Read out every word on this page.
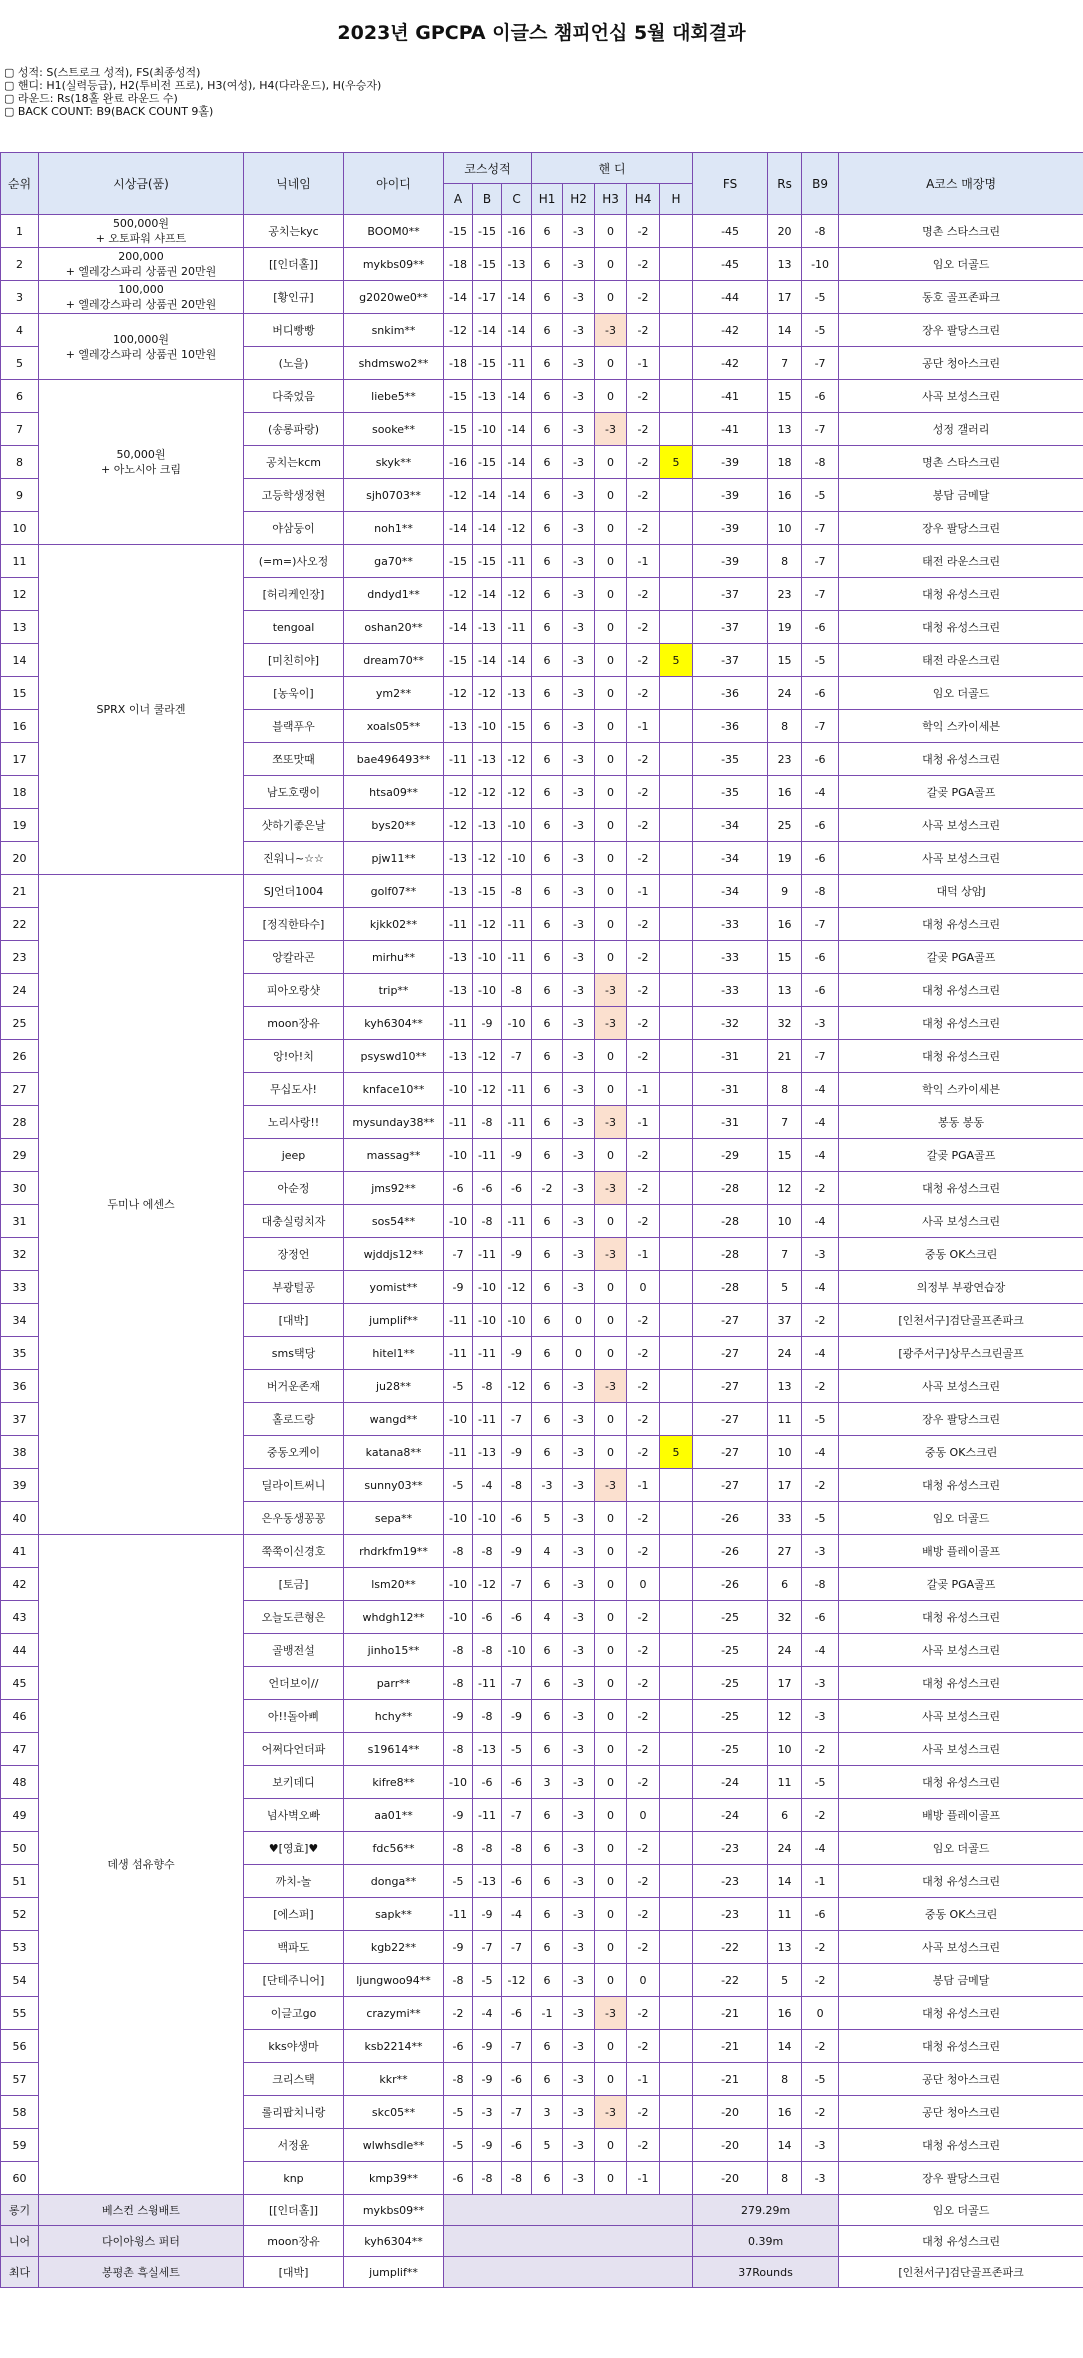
2023년 GPCPA 이글스 챔피언십 5월 대회결과
▢ 성적: S(스트로크 성적), FS(최종성적)
▢ 핸디: H1(실력등급), H2(투비전 프로), H3(여성), H4(다라운드), H(우승자)
▢ 라운드: Rs(18홀 완료 라운드 수)
▢ BACK COUNT: B9(BACK COUNT 9홀)
순위	시상금(품)	닉네임	아이디	코스성적			핸 디					FS	Rs	B9	A코스 매장명
				A	B	C	H1	H2	H3	H4	H				
1	500,000원
+ 오토파워 샤프트	공치는kyc	BOOM0**	-15	-15	-16	6	-3	0	-2		-45	20	-8	명촌 스타스크린
2	200,000
+ 엘레강스파리 상품권 20만원	[[인더홀]]	mykbs09**	-18	-15	-13	6	-3	0	-2		-45	13	-10	임오 더골드
3	100,000
+ 엘레강스파리 상품권 20만원	[황인규]	g2020we0**	-14	-17	-14	6	-3	0	-2		-44	17	-5	동호 골프존파크
4	100,000원
+ 엘레강스파리 상품권 10만원	버디빵빵	snkim**	-12	-14	-14	6	-3	-3	-2		-42	14	-5	장우 팔당스크린
5		(노을)	shdmswo2**	-18	-15	-11	6	-3	0	-1		-42	7	-7	공단 청아스크린
6	50,000원
+ 아노시아 크림	다죽었음	liebe5**	-15	-13	-14	6	-3	0	-2		-41	15	-6	사곡 보성스크린
7		(송롱파랑)	sooke**	-15	-10	-14	6	-3	-3	-2		-41	13	-7	성정 갤러리
8		공치는kcm	skyk**	-16	-15	-14	6	-3	0	-2	5	-39	18	-8	명촌 스타스크린
9		고등학생정현	sjh0703**	-12	-14	-14	6	-3	0	-2		-39	16	-5	봉담 금메달
10		야삼둥이	noh1**	-14	-14	-12	6	-3	0	-2		-39	10	-7	장우 팔당스크린
11	SPRX 이너 쿨라겐	(=m=)사오정	ga70**	-15	-15	-11	6	-3	0	-1		-39	8	-7	태전 라운스크린
12		[허리케인장]	dndyd1**	-12	-14	-12	6	-3	0	-2		-37	23	-7	대청 유성스크린
13		tengoal	oshan20**	-14	-13	-11	6	-3	0	-2		-37	19	-6	대청 유성스크린
14		[미친히야]	dream70**	-15	-14	-14	6	-3	0	-2	5	-37	15	-5	태전 라운스크린
15		[농욱이]	ym2**	-12	-12	-13	6	-3	0	-2		-36	24	-6	임오 더골드
16		블랙푸우	xoals05**	-13	-10	-15	6	-3	0	-1		-36	8	-7	학익 스카이세븐
17		쪼또맛때	bae496493**	-11	-13	-12	6	-3	0	-2		-35	23	-6	대청 유성스크린
18		남도호랭이	htsa09**	-12	-12	-12	6	-3	0	-2		-35	16	-4	갈곶 PGA골프
19		샷하기좋은날	bys20**	-12	-13	-10	6	-3	0	-2		-34	25	-6	사곡 보성스크린
20		진워니~☆☆	pjw11**	-13	-12	-10	6	-3	0	-2		-34	19	-6	사곡 보성스크린
21	두미나 에센스	SJ언더1004	golf07**	-13	-15	-8	6	-3	0	-1		-34	9	-8	대덕 상암J
22		[정직한타수]	kjkk02**	-11	-12	-11	6	-3	0	-2		-33	16	-7	대청 유성스크린
23		앙칼라곤	mirhu**	-13	-10	-11	6	-3	0	-2		-33	15	-6	갈곶 PGA골프
24		피아오랑샷	trip**	-13	-10	-8	6	-3	-3	-2		-33	13	-6	대청 유성스크린
25		moon장유	kyh6304**	-11	-9	-10	6	-3	-3	-2		-32	32	-3	대청 유성스크린
26		앙!아!치	psyswd10**	-13	-12	-7	6	-3	0	-2		-31	21	-7	대청 유성스크린
27		무십도사!	knface10**	-10	-12	-11	6	-3	0	-1		-31	8	-4	학익 스카이세븐
28		노리사랑!!	mysunday38**	-11	-8	-11	6	-3	-3	-1		-31	7	-4	봉동 봉동
29		jeep	massag**	-10	-11	-9	6	-3	0	-2		-29	15	-4	갈곶 PGA골프
30		아순정	jms92**	-6	-6	-6	-2	-3	-3	-2		-28	12	-2	대청 유성스크린
31		대충실렁치자	sos54**	-10	-8	-11	6	-3	0	-2		-28	10	-4	사곡 보성스크린
32		장정언	wjddjs12**	-7	-11	-9	6	-3	-3	-1		-28	7	-3	중동 OK스크린
33		부광털공	yomist**	-9	-10	-12	6	-3	0	0		-28	5	-4	의정부 부광연습장
34		[대박]	jumplif**	-11	-10	-10	6	0	0	-2		-27	37	-2	[인천서구]검단골프존파크
35		sms택당	hitel1**	-11	-11	-9	6	0	0	-2		-27	24	-4	[광주서구]상무스크린골프
36		버거운존재	ju28**	-5	-8	-12	6	-3	-3	-2		-27	13	-2	사곡 보성스크린
37		홀로드랑	wangd**	-10	-11	-7	6	-3	0	-2		-27	11	-5	장우 팔당스크린
38		중동오케이	katana8**	-11	-13	-9	6	-3	0	-2	5	-27	10	-4	중동 OK스크린
39		딜라이트써니	sunny03**	-5	-4	-8	-3	-3	-3	-1		-27	17	-2	대청 유성스크린
40		은우동생꽁꽁	sepa**	-10	-10	-6	5	-3	0	-2		-26	33	-5	임오 더골드
41	데생 섬유향수	쭉쭉이신경호	rhdrkfm19**	-8	-8	-9	4	-3	0	-2		-26	27	-3	배방 플레이골프
42		[토금]	lsm20**	-10	-12	-7	6	-3	0	0		-26	6	-8	갈곶 PGA골프
43		오늘도큰형은	whdgh12**	-10	-6	-6	4	-3	0	-2		-25	32	-6	대청 유성스크린
44		골뱅전설	jinho15**	-8	-8	-10	6	-3	0	-2		-25	24	-4	사곡 보성스크린
45		언더보이//	parr**	-8	-11	-7	6	-3	0	-2		-25	17	-3	대청 유성스크린
46		아!!돌아삐	hchy**	-9	-8	-9	6	-3	0	-2		-25	12	-3	사곡 보성스크린
47		어쩌다언더파	s19614**	-8	-13	-5	6	-3	0	-2		-25	10	-2	사곡 보성스크린
48		보키데디	kifre8**	-10	-6	-6	3	-3	0	-2		-24	11	-5	대청 유성스크린
49		넘사벽오빠	aa01**	-9	-11	-7	6	-3	0	0		-24	6	-2	배방 플레이골프
50		♥[영효]♥	fdc56**	-8	-8	-8	6	-3	0	-2		-23	24	-4	임오 더골드
51		까치-놀	donga**	-5	-13	-6	6	-3	0	-2		-23	14	-1	대청 유성스크린
52		[에스퍼]	sapk**	-11	-9	-4	6	-3	0	-2		-23	11	-6	중동 OK스크린
53		백파도	kgb22**	-9	-7	-7	6	-3	0	-2		-22	13	-2	사곡 보성스크린
54		[단테주니어]	ljungwoo94**	-8	-5	-12	6	-3	0	0		-22	5	-2	봉담 금메달
55		이글고go	crazymi**	-2	-4	-6	-1	-3	-3	-2		-21	16	0	대청 유성스크린
56		kks야생마	ksb2214**	-6	-9	-7	6	-3	0	-2		-21	14	-2	대청 유성스크린
57		크리스택	kkr**	-8	-9	-6	6	-3	0	-1		-21	8	-5	공단 청아스크린
58		롤리팝치니랑	skc05**	-5	-3	-7	3	-3	-3	-2		-20	16	-2	공단 청아스크린
59		서정윤	wlwhsdle**	-5	-9	-6	5	-3	0	-2		-20	14	-3	대청 유성스크린
60		knp	kmp39**	-6	-8	-8	6	-3	0	-1		-20	8	-3	장우 팔당스크린
롱기	베스컨 스윙배트	[[인더홀]]	mykbs09**									279.29m			임오 더골드
니어	다이아윙스 퍼터	moon장유	kyh6304**									0.39m			대청 유성스크린
최다	봉평촌 흑실세트	[대박]	jumplif**									37Rounds			[인천서구]검단골프존파크
